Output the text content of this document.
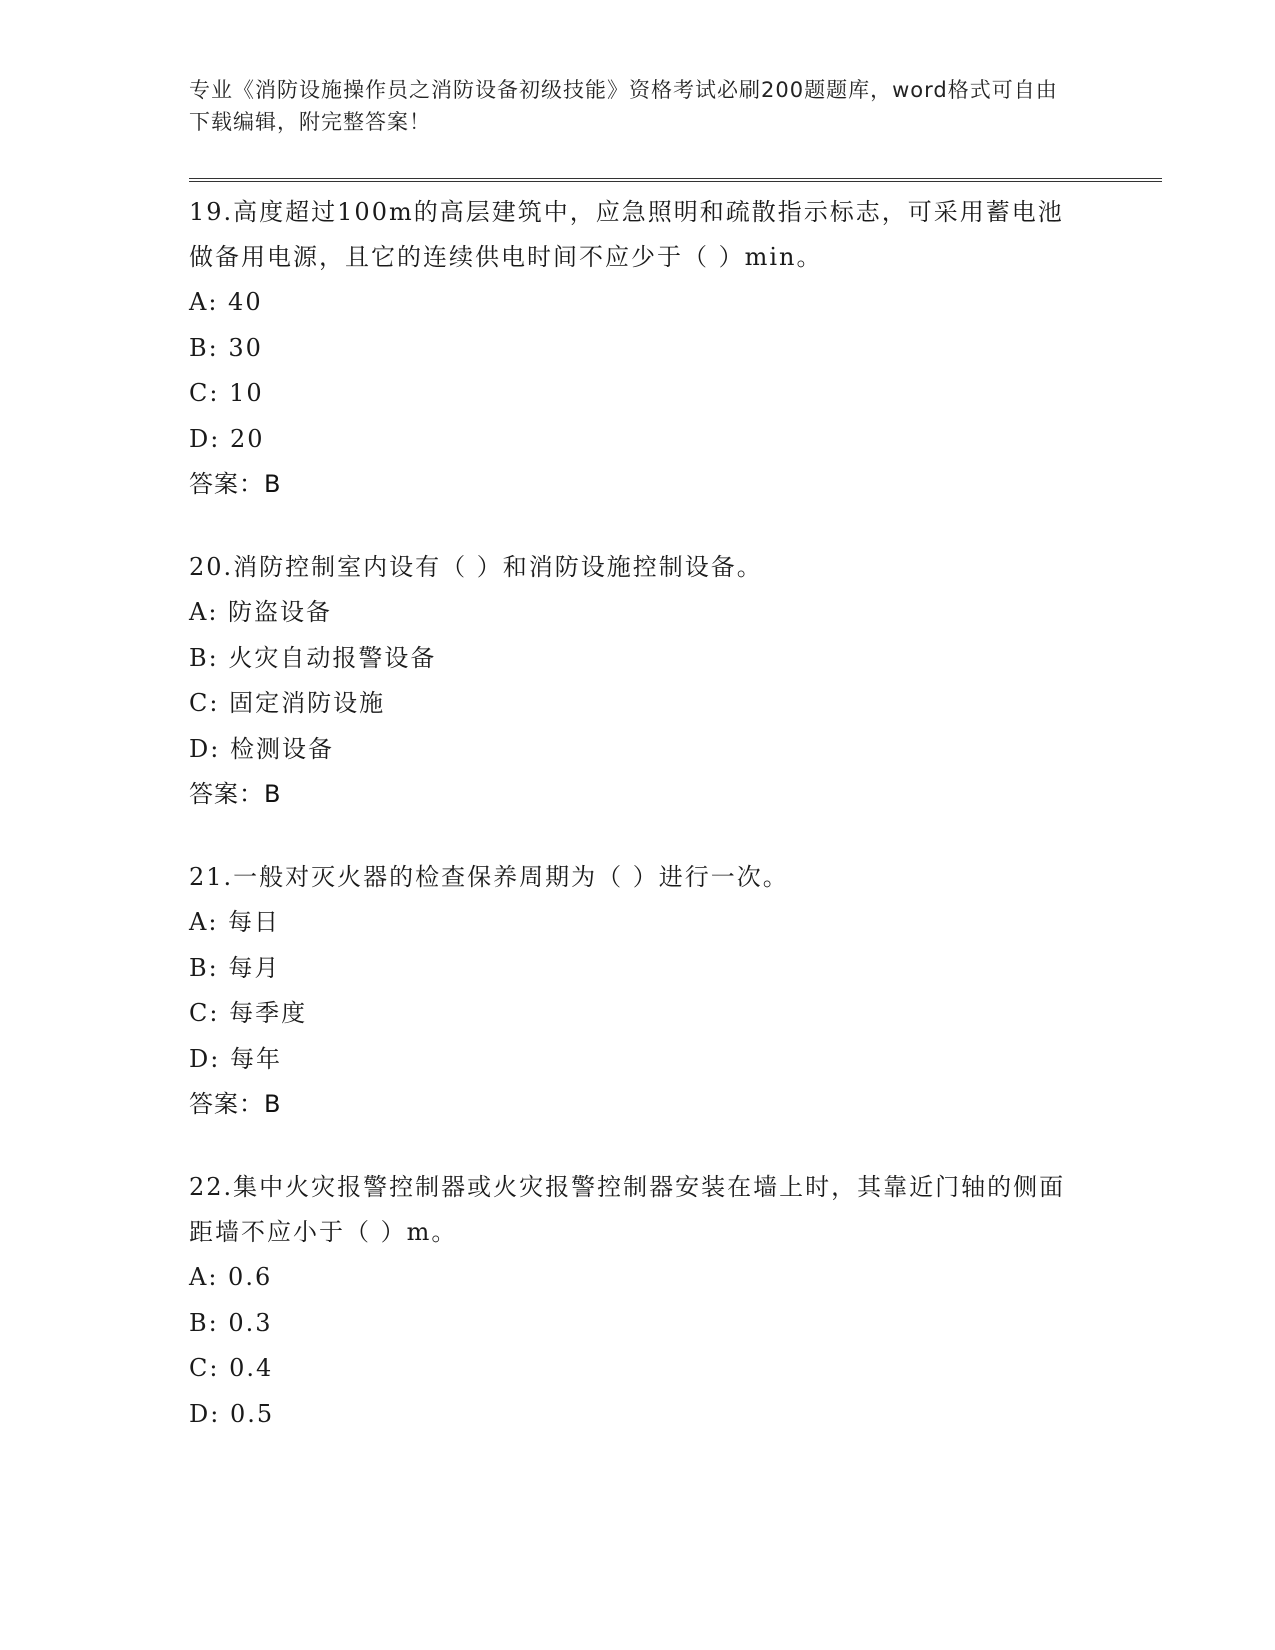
专业《消防设施操作员之消防设备初级技能》资格考试必刷200题题库，word格式可自由下载编辑，附完整答案！

19.高度超过100m的高层建筑中，应急照明和疏散指示标志，可采用蓄电池做备用电源，且它的连续供电时间不应少于（ ）min。

A: 40
B: 30
C: 10
D: 20
答案：B

20.消防控制室内设有（ ）和消防设施控制设备。

A: 防盗设备
B: 火灾自动报警设备
C: 固定消防设施
D: 检测设备
答案：B

21.一般对灭火器的检查保养周期为（ ）进行一次。

A: 每日
B: 每月
C: 每季度
D: 每年
答案：B

22.集中火灾报警控制器或火灾报警控制器安装在墙上时，其靠近门轴的侧面距墙不应小于（ ）m。

A: 0.6
B: 0.3
C: 0.4
D: 0.5
